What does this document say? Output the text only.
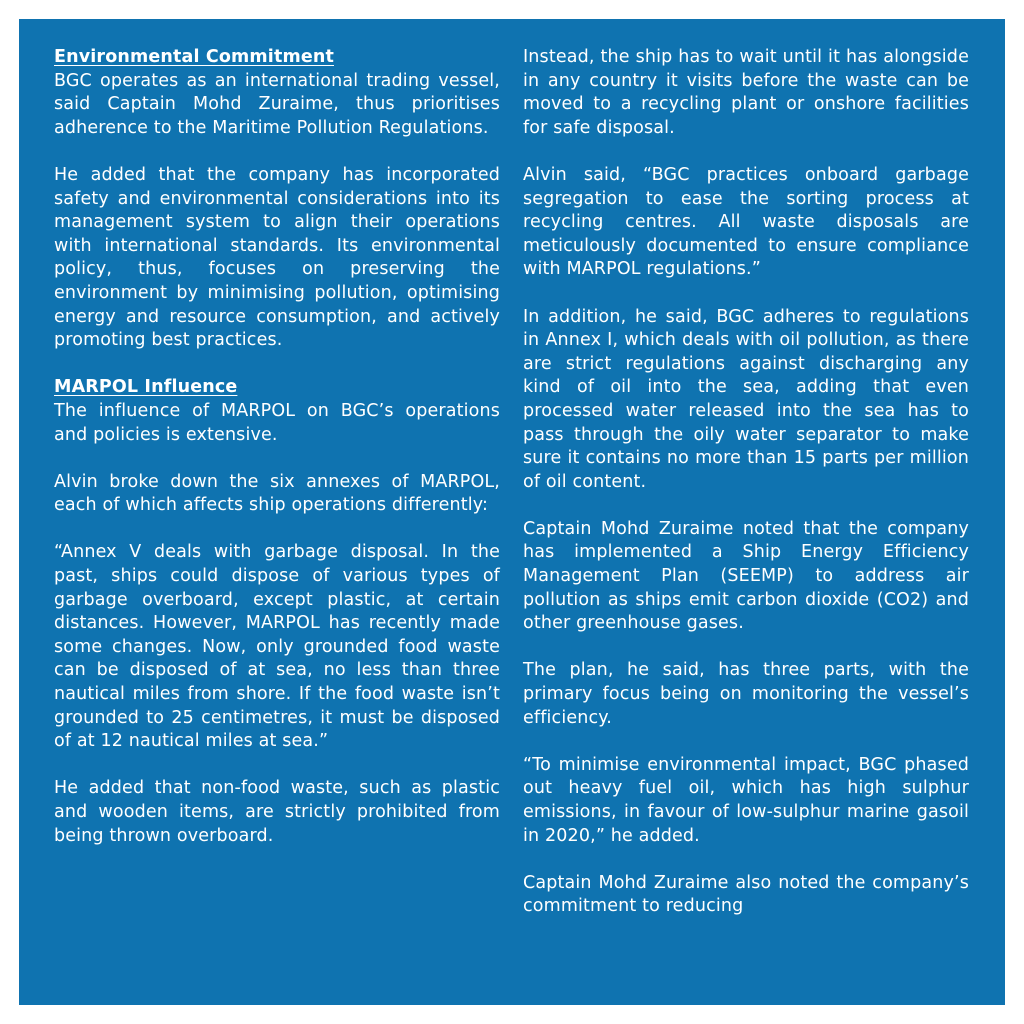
Environmental Commitment

BGC operates as an international trading vessel, said Captain Mohd Zuraime, thus prioritises adherence to the Maritime Pollution Regulations.

He added that the company has incorporated safety and environmental considerations into its management system to align their operations with international standards. Its environmental policy, thus, focuses on preserving the environment by minimising pollution, optimising energy and resource consumption, and actively promoting best practices.

MARPOL Influence

The influence of MARPOL on BGC’s operations and policies is extensive.

Alvin broke down the six annexes of MARPOL, each of which affects ship operations differently:

“Annex V deals with garbage disposal. In the past, ships could dispose of various types of garbage overboard, except plastic, at certain distances. However, MARPOL has recently made some changes. Now, only grounded food waste can be disposed of at sea, no less than three nautical miles from shore. If the food waste isn’t grounded to 25 centimetres, it must be disposed of at 12 nautical miles at sea.”

He added that non-food waste, such as plastic and wooden items, are strictly prohibited from being thrown overboard.

Instead, the ship has to wait until it has alongside in any country it visits before the waste can be moved to a recycling plant or onshore facilities for safe disposal.

Alvin said, “BGC practices onboard garbage segregation to ease the sorting process at recycling centres. All waste disposals are meticulously documented to ensure compliance with MARPOL regulations.”

In addition, he said, BGC adheres to regulations in Annex I, which deals with oil pollution, as there are strict regulations against discharging any kind of oil into the sea, adding that even processed water released into the sea has to pass through the oily water separator to make sure it contains no more than 15 parts per million of oil content.

Captain Mohd Zuraime noted that the company has implemented a Ship Energy Efficiency Management Plan (SEEMP) to address air pollution as ships emit carbon dioxide (CO2) and other greenhouse gases.

The plan, he said, has three parts, with the primary focus being on monitoring the vessel’s efficiency.

“To minimise environmental impact, BGC phased out heavy fuel oil, which has high sulphur emissions, in favour of low-sulphur marine gasoil in 2020,” he added.

Captain Mohd Zuraime also noted the company’s commitment to reducing
